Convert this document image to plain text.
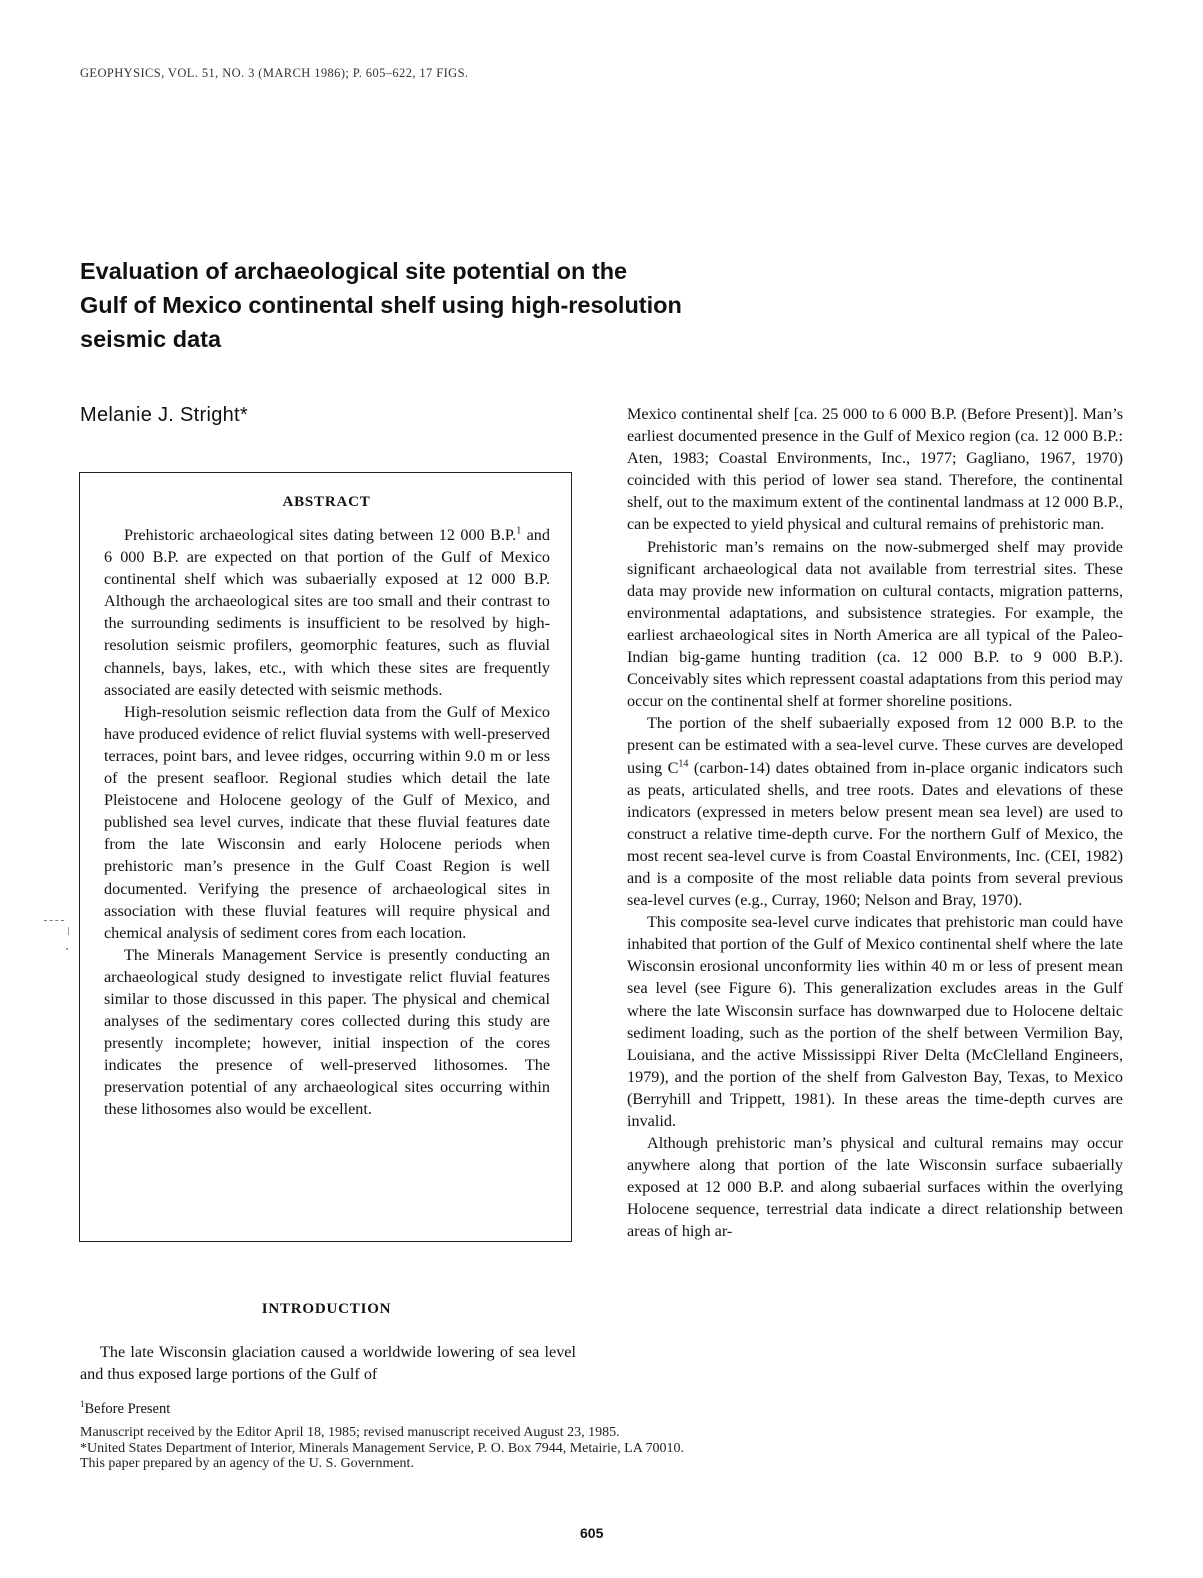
GEOPHYSICS, VOL. 51, NO. 3 (MARCH 1986); P. 605–622, 17 FIGS.
Evaluation of archaeological site potential on the
Gulf of Mexico continental shelf using high-resolution
seismic data
Melanie J. Stright*
ABSTRACT

Prehistoric archaeological sites dating between 12 000 B.P.$^1$ and 6 000 B.P. are expected on that portion of the Gulf of Mexico continental shelf which was subaerially exposed at 12 000 B.P. Although the archaeological sites are too small and their contrast to the surrounding sediments is insufficient to be resolved by high-resolution seismic profilers, geomorphic features, such as fluvial channels, bays, lakes, etc., with which these sites are frequently associated are easily detected with seismic methods.

High-resolution seismic reflection data from the Gulf of Mexico have produced evidence of relict fluvial systems with well-preserved terraces, point bars, and levee ridges, occurring within 9.0 m or less of the present seafloor. Regional studies which detail the late Pleistocene and Holocene geology of the Gulf of Mexico, and published sea level curves, indicate that these fluvial features date from the late Wisconsin and early Holocene periods when prehistoric man’s presence in the Gulf Coast Region is well documented. Verifying the presence of archaeological sites in association with these fluvial features will require physical and chemical analysis of sediment cores from each location.

The Minerals Management Service is presently conducting an archaeological study designed to investigate relict fluvial features similar to those discussed in this paper. The physical and chemical analyses of the sedimentary cores collected during this study are presently incomplete; however, initial inspection of the cores indicates the presence of well-preserved lithosomes. The preservation potential of any archaeological sites occurring within these lithosomes also would be excellent.

INTRODUCTION

The late Wisconsin glaciation caused a worldwide lowering of sea level and thus exposed large portions of the Gulf of

Mexico continental shelf [ca. 25 000 to 6 000 B.P. (Before Present)]. Man’s earliest documented presence in the Gulf of Mexico region (ca. 12 000 B.P.: Aten, 1983; Coastal Environments, Inc., 1977; Gagliano, 1967, 1970) coincided with this period of lower sea stand. Therefore, the continental shelf, out to the maximum extent of the continental landmass at 12 000 B.P., can be expected to yield physical and cultural remains of prehistoric man.

Prehistoric man’s remains on the now-submerged shelf may provide significant archaeological data not available from terrestrial sites. These data may provide new information on cultural contacts, migration patterns, environmental adaptations, and subsistence strategies. For example, the earliest archaeological sites in North America are all typical of the Paleo-Indian big-game hunting tradition (ca. 12 000 B.P. to 9 000 B.P.). Conceivably sites which repressent coastal adaptations from this period may occur on the continental shelf at former shoreline positions.

The portion of the shelf subaerially exposed from 12 000 B.P. to the present can be estimated with a sea-level curve. These curves are developed using $C^{14}$ (carbon-14) dates obtained from in-place organic indicators such as peats, articulated shells, and tree roots. Dates and elevations of these indicators (expressed in meters below present mean sea level) are used to construct a relative time-depth curve. For the northern Gulf of Mexico, the most recent sea-level curve is from Coastal Environments, Inc. (CEI, 1982) and is a composite of the most reliable data points from several previous sea-level curves (e.g., Curray, 1960; Nelson and Bray, 1970).

This composite sea-level curve indicates that prehistoric man could have inhabited that portion of the Gulf of Mexico continental shelf where the late Wisconsin erosional unconformity lies within 40 m or less of present mean sea level (see Figure 6). This generalization excludes areas in the Gulf where the late Wisconsin surface has downwarped due to Holocene deltaic sediment loading, such as the portion of the shelf between Vermilion Bay, Louisiana, and the active Mississippi River Delta (McClelland Engineers, 1979), and the portion of the shelf from Galveston Bay, Texas, to Mexico (Berryhill and Trippett, 1981). In these areas the time-depth curves are invalid.

Although prehistoric man’s physical and cultural remains may occur anywhere along that portion of the late Wisconsin surface subaerially exposed at 12 000 B.P. and along subaerial surfaces within the overlying Holocene sequence, terrestrial data indicate a direct relationship between areas of high ar-

$^1$Before Present
Manuscript received by the Editor April 18, 1985; revised manuscript received August 23, 1985.
*United States Department of Interior, Minerals Management Service, P. O. Box 7944, Metairie, LA 70010.
This paper prepared by an agency of the U. S. Government.
605
